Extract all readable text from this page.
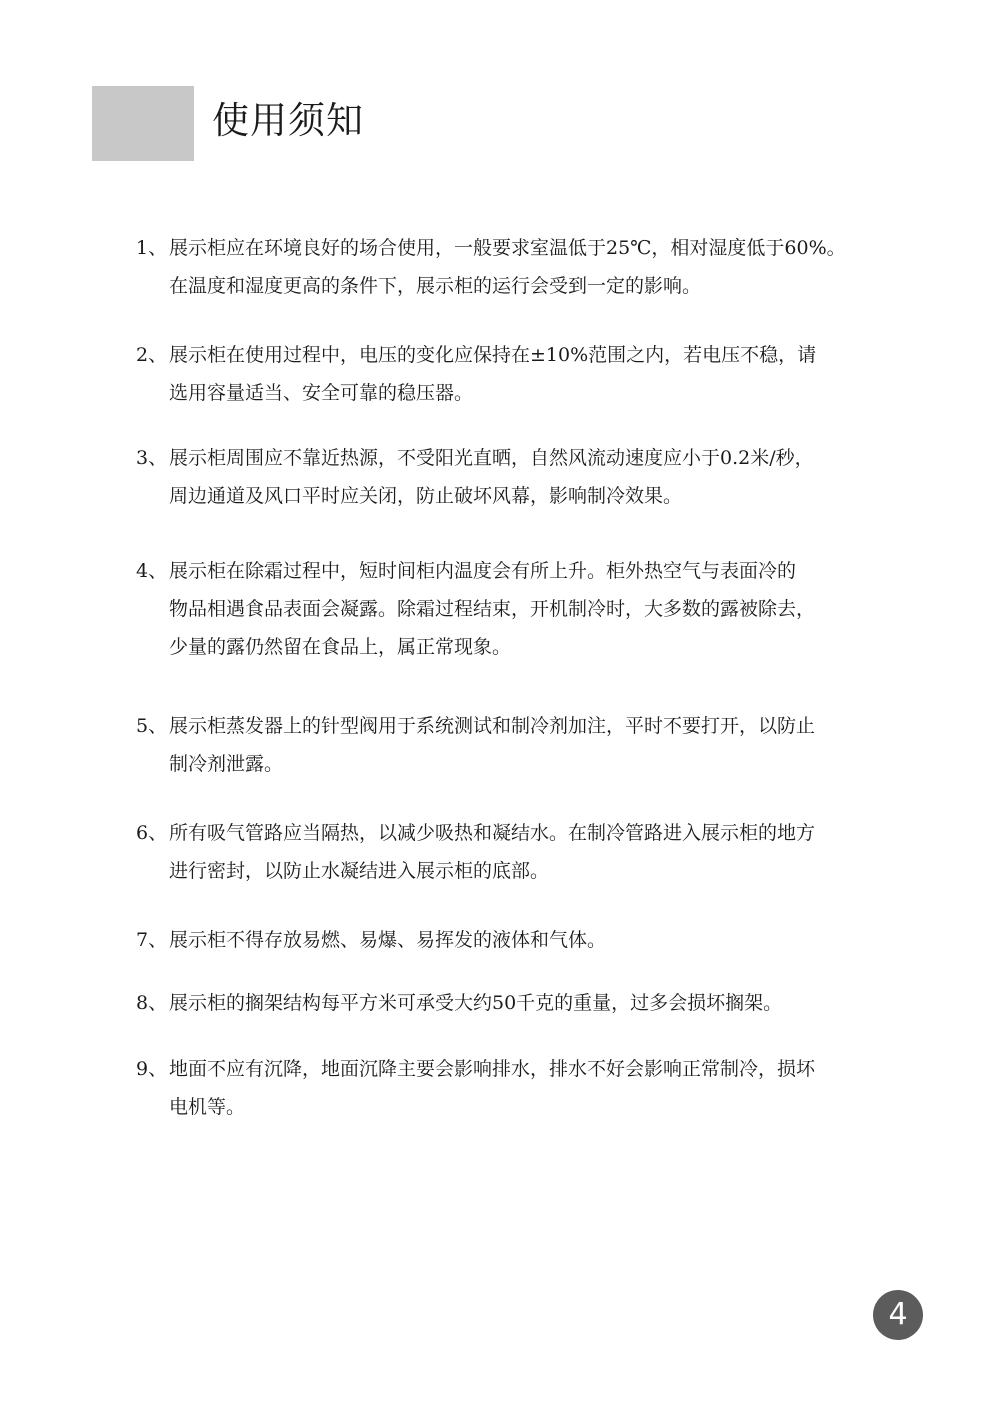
使用须知
1、 展示柜应在环境良好的场合使用，一般要求室温低于25℃，相对湿度低于60%。
在温度和湿度更高的条件下，展示柜的运行会受到一定的影响。
2、 展示柜在使用过程中，电压的变化应保持在±10%范围之内，若电压不稳，请
选用容量适当、安全可靠的稳压器。
3、 展示柜周围应不靠近热源，不受阳光直晒，自然风流动速度应小于0.2米/秒，
周边通道及风口平时应关闭，防止破坏风幕，影响制冷效果。
4、 展示柜在除霜过程中，短时间柜内温度会有所上升。柜外热空气与表面冷的
物品相遇食品表面会凝露。除霜过程结束，开机制冷时，大多数的露被除去，
少量的露仍然留在食品上，属正常现象。
5、 展示柜蒸发器上的针型阀用于系统测试和制冷剂加注，平时不要打开，以防止
制冷剂泄露。
6、 所有吸气管路应当隔热，以减少吸热和凝结水。在制冷管路进入展示柜的地方
进行密封，以防止水凝结进入展示柜的底部。
7、 展示柜不得存放易燃、易爆、易挥发的液体和气体。
8、 展示柜的搁架结构每平方米可承受大约50千克的重量，过多会损坏搁架。
9、 地面不应有沉降，地面沉降主要会影响排水，排水不好会影响正常制冷，损坏
电机等。
4
